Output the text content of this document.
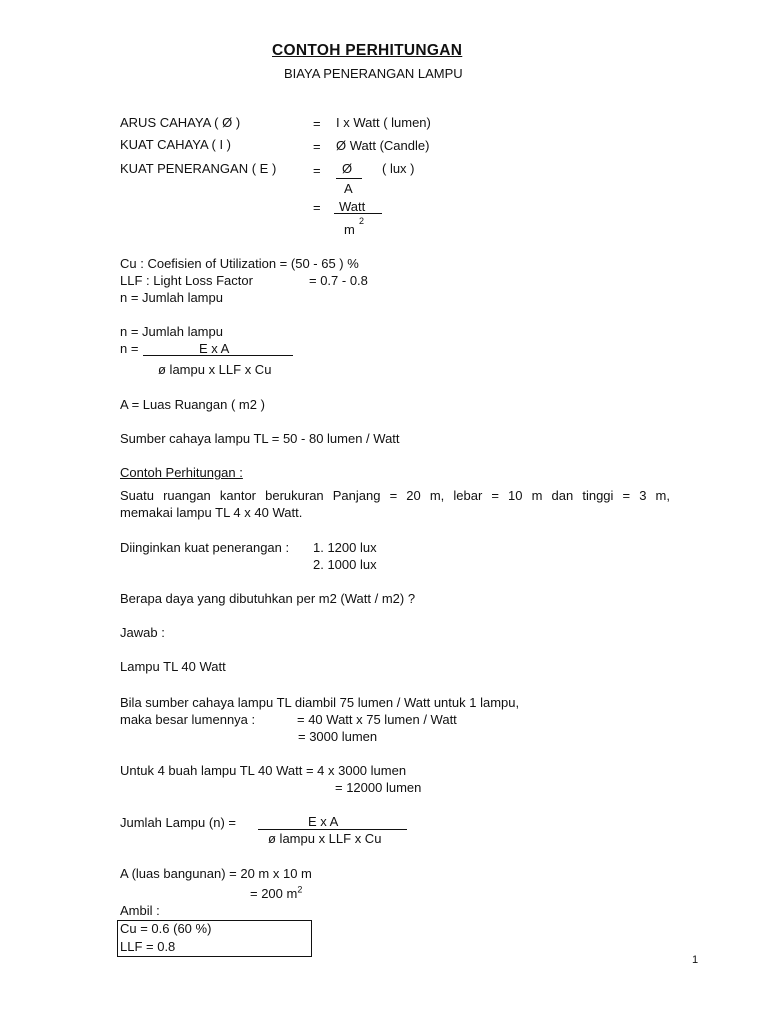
CONTOH PERHITUNGAN
BIAYA PENERANGAN LAMPU
ARUS CAHAYA ( Ø )	= I x Watt ( lumen)
KUAT CAHAYA ( I )	= Ø Watt (Candle)
KUAT PENERANGAN ( E )	= Ø ( lux )
A
= Watt
m
2
Cu : Coefisien of Utilization = (50 - 65 ) %
LLF : Light Loss Factor	= 0.7 - 0.8
n = Jumlah lampu
n = Jumlah lampu
n =	E x A
ø lampu x LLF x Cu
A = Luas Ruangan ( m2 )
Sumber cahaya lampu TL = 50 - 80 lumen / Watt
Contoh Perhitungan :
Suatu ruangan kantor berukuran Panjang = 20 m, lebar = 10 m dan tinggi = 3 m,
memakai lampu TL 4 x 40 Watt.
Diinginkan kuat penerangan : 1. 1200 lux
2. 1000 lux
Berapa daya yang dibutuhkan per m2 (Watt / m2) ?
Jawab :
Lampu TL 40 Watt
Bila sumber cahaya lampu TL diambil 75 lumen / Watt untuk 1 lampu,
maka besar lumennya :	= 40 Watt x 75 lumen / Watt
= 3000 lumen
Untuk 4 buah lampu TL 40 Watt = 4 x 3000 lumen
= 12000 lumen
Jumlah Lampu (n) =	E x A
ø lampu x LLF x Cu
A (luas bangunan) = 20 m x 10 m
= 200 $m^2$
Ambil :
Cu = 0.6 (60 %)
LLF = 0.8
1
